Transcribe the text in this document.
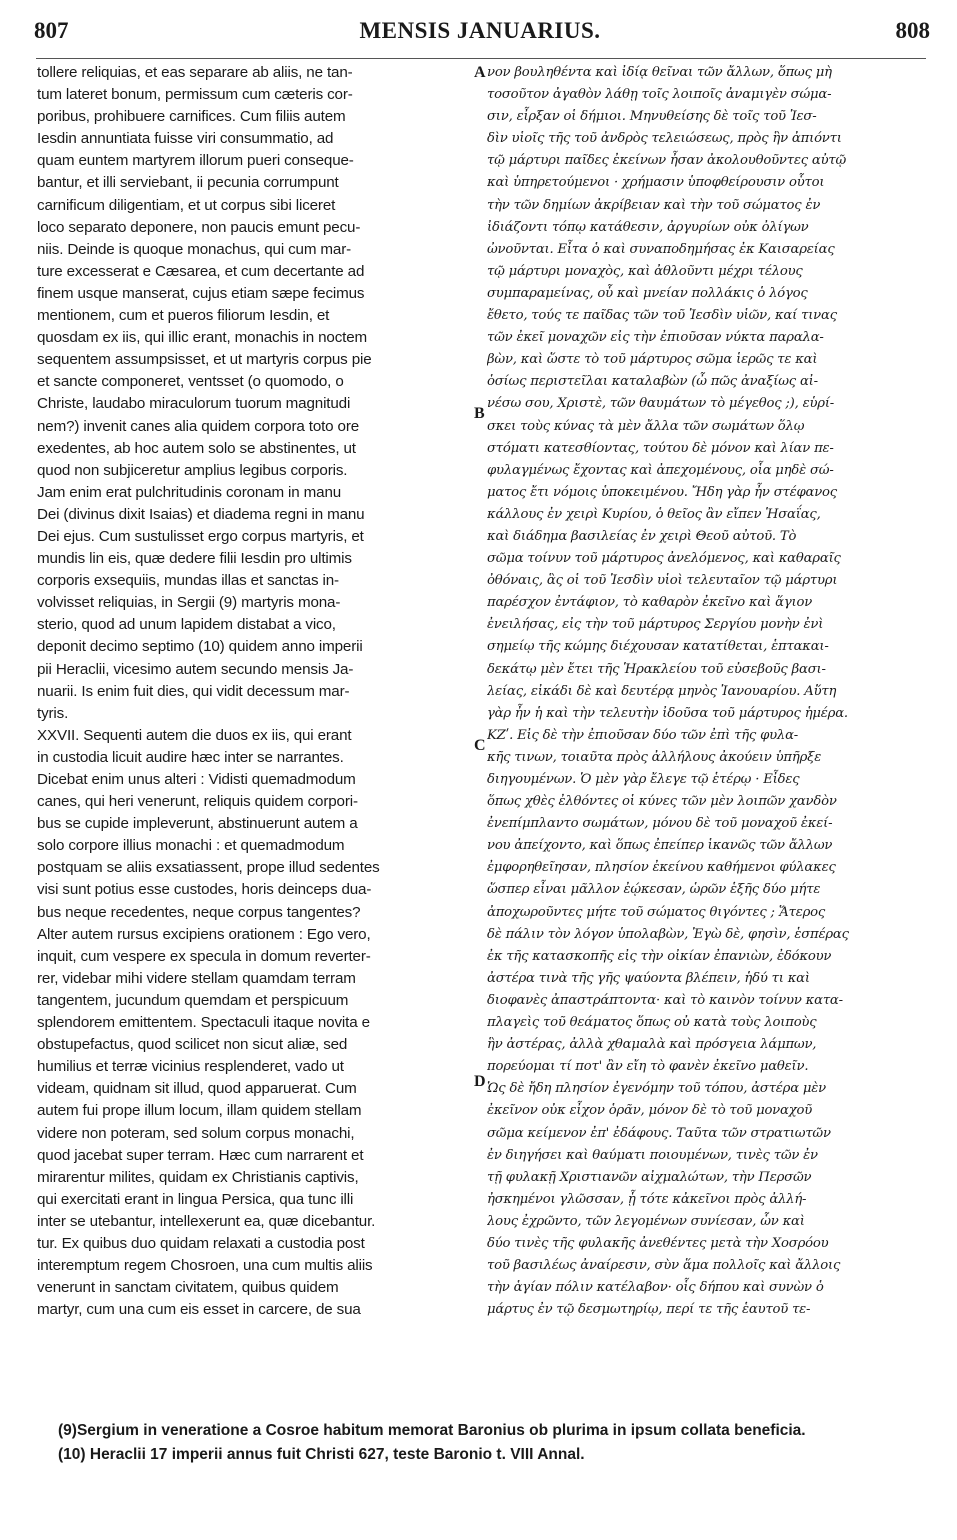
807	MENSIS JANUARIUS.	808
tollere reliquias, et eas separare ab aliis, ne tan-
tum lateret bonum, permissum cum cæteris cor-
poribus, prohibuere carnifices. Cum filiis autem
Iesdin annuntiata fuisse viri consummatio, ad
quam euntem martyrem illorum pueri conseque-
bantur, et illi serviebant, ii pecunia corrumpunt
carnificum diligentiam, et ut corpus sibi liceret
loco separato deponere, non paucis emunt pecu-
niis. Deinde is quoque monachus, qui cum mar-
ture excesserat e Cæsarea, et cum decertante ad
finem usque manserat, cujus etiam sæpe fecimus
mentionem, cum et pueros filiorum Iesdin, et
quosdam ex iis, qui illic erant, monachis in noctem
sequentem assumpsisset, et ut martyris corpus pie
et sancte componeret, ventsset (o quomodo, o
Christe, laudabo miraculorum tuorum magnitudi
nem?) invenit canes alia quidem corpora toto ore
exedentes, ab hoc autem solo se abstinentes, ut
quod non subjiceretur amplius legibus corporis.
Jam enim erat pulchritudinis coronam in manu
Dei (divinus dixit Isaias) et diadema regni in manu
Dei ejus. Cum sustulisset ergo corpus martyris, et
mundis lin eis, quæ dedere filii Iesdin pro ultimis
corporis exsequiis, mundas illas et sanctas in-
volvisset reliquias, in Sergii (9) martyris mona-
sterio, quod ad unum lapidem distabat a vico,
deponit decimo septimo (10) quidem anno imperii
pii Heraclii, vicesimo autem secundo mensis Ja-
nuarii. Is enim fuit dies, qui vidit decessum mar-
tyris.
XXVII. Sequenti autem die duos ex iis, qui erant
in custodia licuit audire hæc inter se narrantes.
Dicebat enim unus alteri : Vidisti quemadmodum
canes, qui heri venerunt, reliquis quidem corpori-
bus se cupide impleverunt, abstinuerunt autem a
solo corpore illius monachi : et quemadmodum
postquam se aliis exsatiassent, prope illud sedentes
visi sunt potius esse custodes, horis deinceps dua-
bus neque recedentes, neque corpus tangentes?
Alter autem rursus excipiens orationem : Ego vero,
inquit, cum vespere ex specula in domum reverter-
rer, videbar mihi videre stellam quamdam terram
tangentem, jucundum quemdam et perspicuum
splendorem emittentem. Spectaculi itaque novita e
obstupefactus, quod scilicet non sicut aliæ, sed
humilius et terræ vicinius resplenderet, vado ut
videam, quidnam sit illud, quod apparuerat. Cum
autem fui prope illum locum, illam quidem stellam
videre non poteram, sed solum corpus monachi,
quod jacebat super terram. Hæc cum narrarent et
mirarentur milites, quidam ex Christianis captivis,
qui exercitati erant in lingua Persica, qua tunc illi
inter se utebantur, intellexerunt ea, quæ dicebantur.
tur. Ex quibus duo quidam relaxati a custodia post
interemptum regem Chosroen, una cum multis aliis
venerunt in sanctam civitatem, quibus quidem
martyr, cum una cum eis esset in carcere, de sua
νον βουληθέντα καὶ ἰδίᾳ θεῖναι τῶν ἄλλων, ὅπως μὴ
τοσοῦτον ἀγαθὸν λάθῃ τοῖς λοιποῖς ἀναμιγὲν σώμα-
σιν, εἶρξαν οἱ δήμιοι. Μηνυθείσης δὲ τοῖς τοῦ Ἰεσ-
δὶν υἱοῖς τῆς τοῦ ἀνδρὸς τελειώσεως, πρὸς ἣν ἀπιόντι
τῷ μάρτυρι παῖδες ἐκείνων ἦσαν ἀκολουθοῦντες αὐτῷ
καὶ ὑπηρετούμενοι · χρήμασιν ὑποφθείρουσιν οὗτοι
τὴν τῶν δημίων ἀκρίβειαν καὶ τὴν τοῦ σώματος ἐν
ἰδιάζοντι τόπῳ κατάθεσιν, ἀργυρίων οὐκ ὀλίγων
ὠνοῦνται. Εἶτα ὁ καὶ συναποδημήσας ἐκ Καισαρείας
τῷ μάρτυρι μοναχὸς, καὶ ἀθλοῦντι μέχρι τέλους
συμπαραμείνας, οὗ καὶ μνείαν πολλάκις ὁ λόγος
ἔθετο, τούς τε παῖδας τῶν τοῦ Ἰεσδὶν υἱῶν, καί τινας
τῶν ἐκεῖ μοναχῶν εἰς τὴν ἐπιοῦσαν νύκτα παραλα-
βὼν, καὶ ὥστε τὸ τοῦ μάρτυρος σῶμα ἱερῶς τε καὶ
ὁσίως περιστεῖλαι καταλαβὼν (ὦ πῶς ἀναξίως αἰ-
νέσω σου, Χριστὲ, τῶν θαυμάτων τὸ μέγεθος ;), εὑρί-
σκει τοὺς κύνας τὰ μὲν ἄλλα τῶν σωμάτων ὅλῳ
στόματι κατεσθίοντας, τούτου δὲ μόνον καὶ λίαν πε-
φυλαγμένως ἔχοντας καὶ ἀπεχομένους, οἷα μηδὲ σώ-
ματος ἔτι νόμοις ὑποκειμένου. Ἤδη γὰρ ἦν στέφανος
κάλλους ἐν χειρὶ Κυρίου, ὁ θεῖος ἂν εἴπεν Ἡσαΐας,
καὶ διάδημα βασιλείας ἐν χειρὶ Θεοῦ αὐτοῦ. Τὸ
σῶμα τοίνυν τοῦ μάρτυρος ἀνελόμενος, καὶ καθαραῖς
ὀθόναις, ἃς οἱ τοῦ Ἰεσδὶν υἱοὶ τελευταῖον τῷ μάρτυρι
παρέσχον ἐντάφιον, τὸ καθαρὸν ἐκεῖνο καὶ ἅγιον
ἐνειλήσας, εἰς τὴν τοῦ μάρτυρος Σεργίου μονὴν ἐνὶ
σημείῳ τῆς κώμης διέχουσαν κατατίθεται, ἑπτακαι-
δεκάτῳ μὲν ἔτει τῆς Ἡρακλείου τοῦ εὐσεβοῦς βασι-
λείας, εἰκάδι δὲ καὶ δευτέρᾳ μηνὸς Ἰανουαρίου. Αὕτη
γὰρ ἦν ἡ καὶ τὴν τελευτὴν ἰδοῦσα τοῦ μάρτυρος ἡμέρα.
ΚΖʹ. Εἰς δὲ τὴν ἐπιοῦσαν δύο τῶν ἐπὶ τῆς φυλα-
κῆς τινων, τοιαῦτα πρὸς ἀλλήλους ἀκούειν ὑπῆρξε
διηγουμένων. Ὁ μὲν γὰρ ἔλεγε τῷ ἑτέρῳ · Εἶδες
ὅπως χθὲς ἐλθόντες οἱ κύνες τῶν μὲν λοιπῶν χανδὸν
ἐνεπίμπλαντο σωμάτων, μόνου δὲ τοῦ μοναχοῦ ἐκεί-
νου ἀπείχοντο, καὶ ὅπως ἐπείπερ ἱκανῶς τῶν ἄλλων
ἐμφορηθεῖησαν, πλησίον ἐκείνου καθήμενοι φύλακες
ὥσπερ εἶναι μᾶλλον ἐῴκεσαν, ὡρῶν ἑξῆς δύο μήτε
ἀποχωροῦντες μήτε τοῦ σώματος θιγόντες ; Ἅτερος
δὲ πάλιν τὸν λόγον ὑπολαβὼν, Ἐγὼ δὲ, φησὶν, ἑσπέρας
ἐκ τῆς κατασκοπῆς εἰς τὴν οἰκίαν ἐπανιὼν, ἐδόκουν
ἀστέρα τινὰ τῆς γῆς ψαύοντα βλέπειν, ἡδύ τι καὶ
διοφανὲς ἀπαστράπτοντα· καὶ τὸ καινὸν τοίνυν κατα-
πλαγεὶς τοῦ θεάματος ὅπως οὐ κατὰ τοὺς λοιποὺς
ἣν ἀστέρας, ἀλλὰ χθαμαλὰ καὶ πρόσγεια λάμπων,
πορεύομαι τί ποτ' ἂν εἴη τὸ φανὲν ἐκεῖνο μαθεῖν.
Ὡς δὲ ἤδη πλησίον ἐγενόμην τοῦ τόπου, ἀστέρα μὲν
ἐκεῖνον οὐκ εἶχον ὁρᾶν, μόνον δὲ τὸ τοῦ μοναχοῦ
σῶμα κείμενον ἐπ' ἐδάφους. Ταῦτα τῶν στρατιωτῶν
ἐν διηγήσει καὶ θαύματι ποιουμένων, τινὲς τῶν ἐν
τῇ φυλακῇ Χριστιανῶν αἰχμαλώτων, τὴν Περσῶν
ἠσκημένοι γλῶσσαν, ᾗ τότε κἀκεῖνοι πρὸς ἀλλή-
λους ἐχρῶντο, τῶν λεγομένων συνίεσαν, ὧν καὶ
δύο τινὲς τῆς φυλακῆς ἀνεθέντες μετὰ τὴν Χοσρόου
τοῦ βασιλέως ἀναίρεσιν, σὺν ἅμα πολλοῖς καὶ ἄλλοις
τὴν ἁγίαν πόλιν κατέλαβον· οἷς δήπου καὶ συνὼν ὁ
μάρτυς ἐν τῷ δεσμωτηρίῳ, περί τε τῆς ἑαυτοῦ τε-
A
B
C
D
(9)Sergium in veneratione a Cosroe habitum memorat Baronius ob plurima in ipsum collata beneficia.
(10) Heraclii 17 imperii annus fuit Christi 627, teste Baronio t. VIII Annal.
